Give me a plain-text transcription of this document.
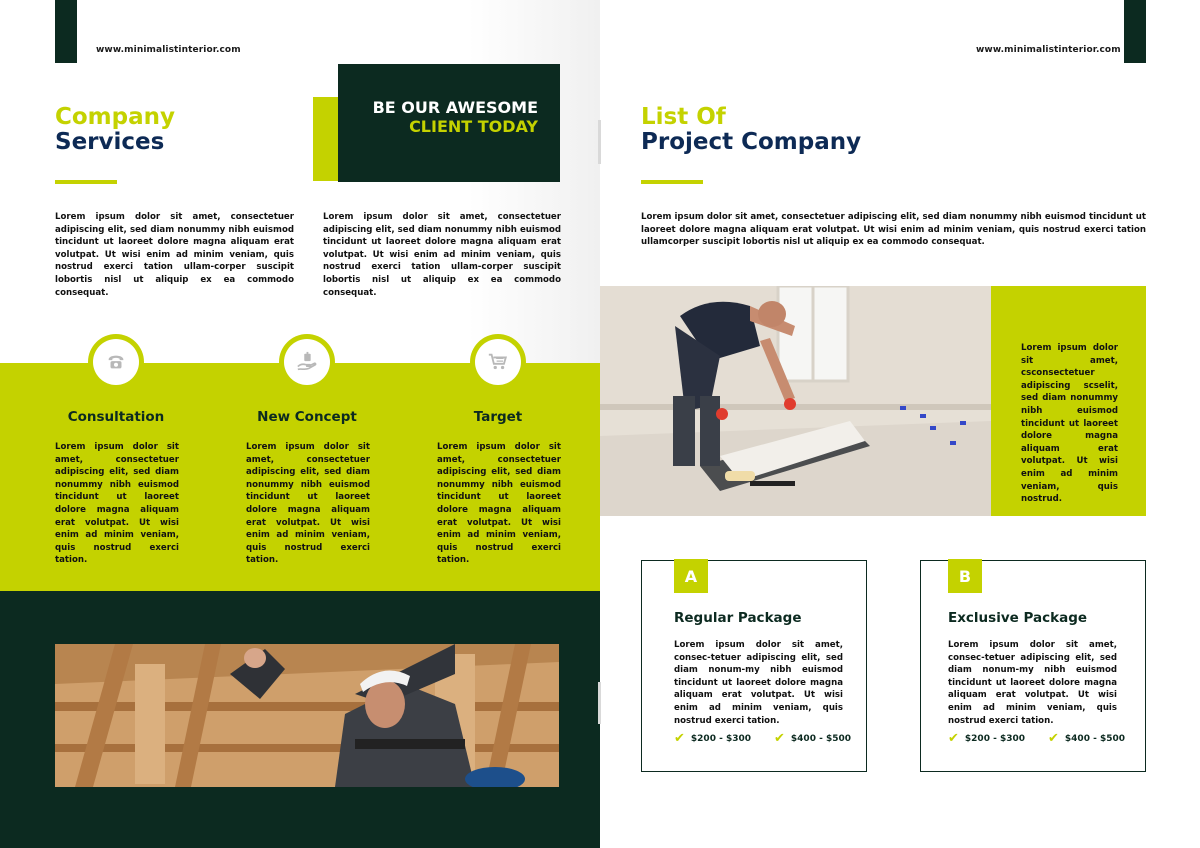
www.minimalistinterior.com
Company
Services
BE OUR AWESOME
CLIENT TODAY

Lorem ipsum dolor sit amet, consectetuer adipiscing elit, sed diam nonummy nibh euismod tincidunt ut laoreet dolore magna aliquam erat volutpat. Ut wisi enim ad minim veniam, quis nostrud exerci tation ullam-corper suscipit lobortis nisl ut aliquip ex ea commodo consequat.

Lorem ipsum dolor sit amet, consectetuer adipiscing elit, sed diam nonummy nibh euismod tincidunt ut laoreet dolore magna aliquam erat volutpat. Ut wisi enim ad minim veniam, quis nostrud exerci tation ullam-corper suscipit lobortis nisl ut aliquip ex ea commodo consequat.

Consultation

Lorem ipsum dolor sit amet, consectetuer adipiscing elit, sed diam nonummy nibh euismod tincidunt ut laoreet dolore magna aliquam erat volutpat. Ut wisi enim ad minim veniam, quis nostrud exerci tation.

New Concept

Lorem ipsum dolor sit amet, consectetuer adipiscing elit, sed diam nonummy nibh euismod tincidunt ut laoreet dolore magna aliquam erat volutpat. Ut wisi enim ad minim veniam, quis nostrud exerci tation.

Target

Lorem ipsum dolor sit amet, consectetuer adipiscing elit, sed diam nonummy nibh euismod tincidunt ut laoreet dolore magna aliquam erat volutpat. Ut wisi enim ad minim veniam, quis nostrud exerci tation.

www.minimalistinterior.com
List Of
Project Company

Lorem ipsum dolor sit amet, consectetuer adipiscing elit, sed diam nonummy nibh euismod tincidunt ut laoreet dolore magna aliquam erat volutpat. Ut wisi enim ad minim veniam, quis nostrud exerci tation ullamcorper suscipit lobortis nisl ut aliquip ex ea commodo consequat.

Lorem ipsum dolor sit amet, csconsectetuer adipiscing scselit, sed diam nonummy nibh euismod tincidunt ut laoreet dolore magna aliquam erat volutpat. Ut wisi enim ad minim veniam, quis nostrud.

A
Regular Package

Lorem ipsum dolor sit amet, consec-tetuer adipiscing elit, sed diam nonum-my nibh euismod tincidunt ut laoreet dolore magna aliquam erat volutpat. Ut wisi enim ad minim veniam, quis nostrud exerci tation.

✔ $200 - $300 ✔ $400 - $500
B
Exclusive Package

Lorem ipsum dolor sit amet, consec-tetuer adipiscing elit, sed diam nonum-my nibh euismod tincidunt ut laoreet dolore magna aliquam erat volutpat. Ut wisi enim ad minim veniam, quis nostrud exerci tation.

✔ $200 - $300 ✔ $400 - $500
